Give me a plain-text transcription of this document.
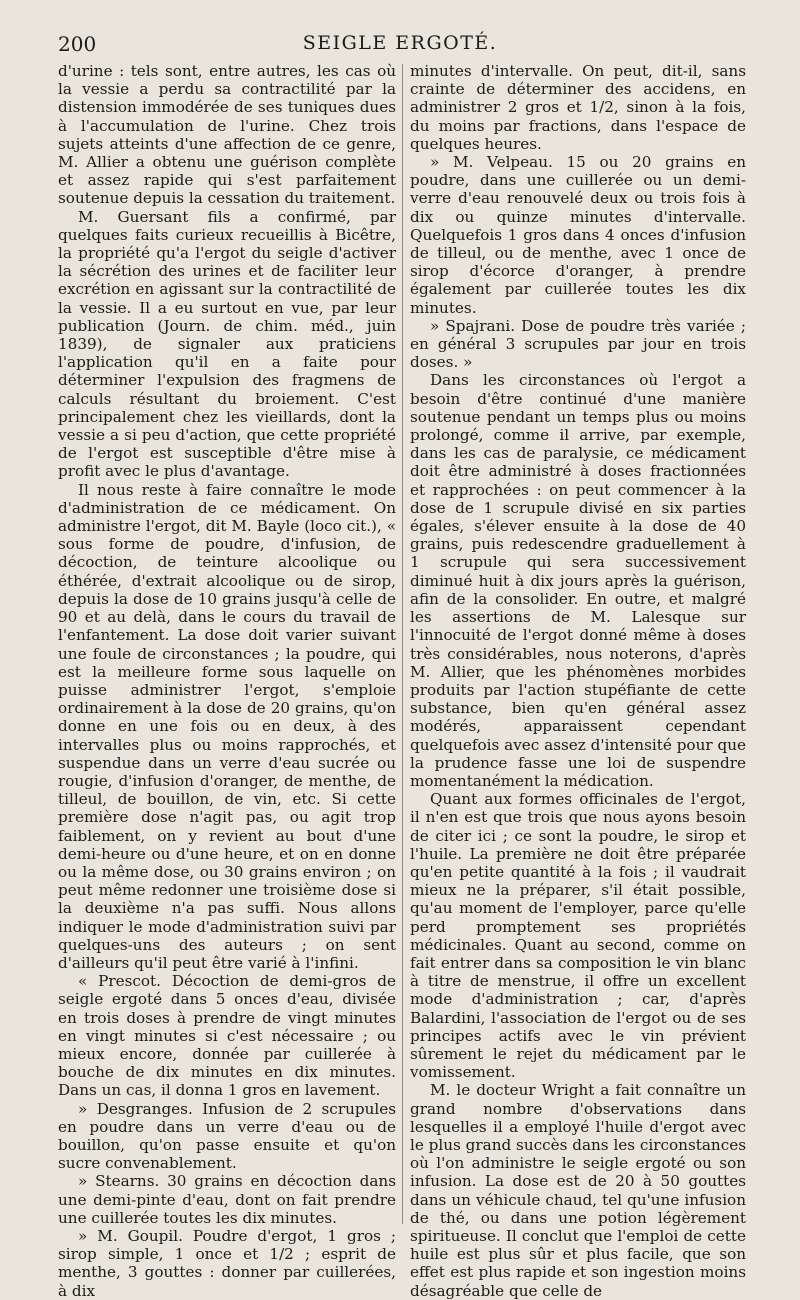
200	SEIGLE ERGOTÉ.

d'urine : tels sont, entre autres, les cas où la vessie a perdu sa contractilité par la distension immodérée de ses tuniques dues à l'accumulation de l'urine. Chez trois sujets atteints d'une affection de ce genre, M. Allier a obtenu une guérison complète et assez rapide qui s'est parfaitement soutenue depuis la cessation du traitement.

M. Guersant fils a confirmé, par quelques faits curieux recueillis à Bicêtre, la propriété qu'a l'ergot du seigle d'activer la sécrétion des urines et de faciliter leur excrétion en agissant sur la contractilité de la vessie. Il a eu surtout en vue, par leur publication (Journ. de chim. méd., juin 1839), de signaler aux praticiens l'application qu'il en a faite pour déterminer l'expulsion des fragmens de calculs résultant du broiement. C'est principalement chez les vieillards, dont la vessie a si peu d'action, que cette propriété de l'ergot est susceptible d'être mise à profit avec le plus d'avantage.

Il nous reste à faire connaître le mode d'administration de ce médicament. On administre l'ergot, dit M. Bayle (loco cit.), « sous forme de poudre, d'infusion, de décoction, de teinture alcoolique ou éthérée, d'extrait alcoolique ou de sirop, depuis la dose de 10 grains jusqu'à celle de 90 et au delà, dans le cours du travail de l'enfantement. La dose doit varier suivant une foule de circonstances ; la poudre, qui est la meilleure forme sous laquelle on puisse administrer l'ergot, s'emploie ordinairement à la dose de 20 grains, qu'on donne en une fois ou en deux, à des intervalles plus ou moins rapprochés, et suspendue dans un verre d'eau sucrée ou rougie, d'infusion d'oranger, de menthe, de tilleul, de bouillon, de vin, etc. Si cette première dose n'agit pas, ou agit trop faiblement, on y revient au bout d'une demi-heure ou d'une heure, et on en donne ou la même dose, ou 30 grains environ ; on peut même redonner une troisième dose si la deuxième n'a pas suffi. Nous allons indiquer le mode d'administration suivi par quelques-uns des auteurs ; on sent d'ailleurs qu'il peut être varié à l'infini.

« Prescot. Décoction de demi-gros de seigle ergoté dans 5 onces d'eau, divisée en trois doses à prendre de vingt minutes en vingt minutes si c'est nécessaire ; ou mieux encore, donnée par cuillerée à bouche de dix minutes en dix minutes. Dans un cas, il donna 1 gros en lavement.

» Desgranges. Infusion de 2 scrupules en poudre dans un verre d'eau ou de bouillon, qu'on passe ensuite et qu'on sucre convenablement.

» Stearns. 30 grains en décoction dans une demi-pinte d'eau, dont on fait prendre une cuillerée toutes les dix minutes.

» M. Goupil. Poudre d'ergot, 1 gros ; sirop simple, 1 once et 1/2 ; esprit de menthe, 3 gouttes : donner par cuillerées, à dix

minutes d'intervalle. On peut, dit-il, sans crainte de déterminer des accidens, en administrer 2 gros et 1/2, sinon à la fois, du moins par fractions, dans l'espace de quelques heures.

» M. Velpeau. 15 ou 20 grains en poudre, dans une cuillerée ou un demi-verre d'eau renouvelé deux ou trois fois à dix ou quinze minutes d'intervalle. Quelquefois 1 gros dans 4 onces d'infusion de tilleul, ou de menthe, avec 1 once de sirop d'écorce d'oranger, à prendre également par cuillerée toutes les dix minutes.

» Spajrani. Dose de poudre très variée ; en général 3 scrupules par jour en trois doses. »

Dans les circonstances où l'ergot a besoin d'être continué d'une manière soutenue pendant un temps plus ou moins prolongé, comme il arrive, par exemple, dans les cas de paralysie, ce médicament doit être administré à doses fractionnées et rapprochées : on peut commencer à la dose de 1 scrupule divisé en six parties égales, s'élever ensuite à la dose de 40 grains, puis redescendre graduellement à 1 scrupule qui sera successivement diminué huit à dix jours après la guérison, afin de la consolider. En outre, et malgré les assertions de M. Lalesque sur l'innocuité de l'ergot donné même à doses très considérables, nous noterons, d'après M. Allier, que les phénomènes morbides produits par l'action stupéfiante de cette substance, bien qu'en général assez modérés, apparaissent cependant quelquefois avec assez d'intensité pour que la prudence fasse une loi de suspendre momentanément la médication.

Quant aux formes officinales de l'ergot, il n'en est que trois que nous ayons besoin de citer ici ; ce sont la poudre, le sirop et l'huile. La première ne doit être préparée qu'en petite quantité à la fois ; il vaudrait mieux ne la préparer, s'il était possible, qu'au moment de l'employer, parce qu'elle perd promptement ses propriétés médicinales. Quant au second, comme on fait entrer dans sa composition le vin blanc à titre de menstrue, il offre un excellent mode d'administration ; car, d'après Balardini, l'association de l'ergot ou de ses principes actifs avec le vin prévient sûrement le rejet du médicament par le vomissement.

M. le docteur Wright a fait connaître un grand nombre d'observations dans lesquelles il a employé l'huile d'ergot avec le plus grand succès dans les circonstances où l'on administre le seigle ergoté ou son infusion. La dose est de 20 à 50 gouttes dans un véhicule chaud, tel qu'une infusion de thé, ou dans une potion légèrement spiritueuse. Il conclut que l'emploi de cette huile est plus sûr et plus facile, que son effet est plus rapide et son ingestion moins désagréable que celle de
